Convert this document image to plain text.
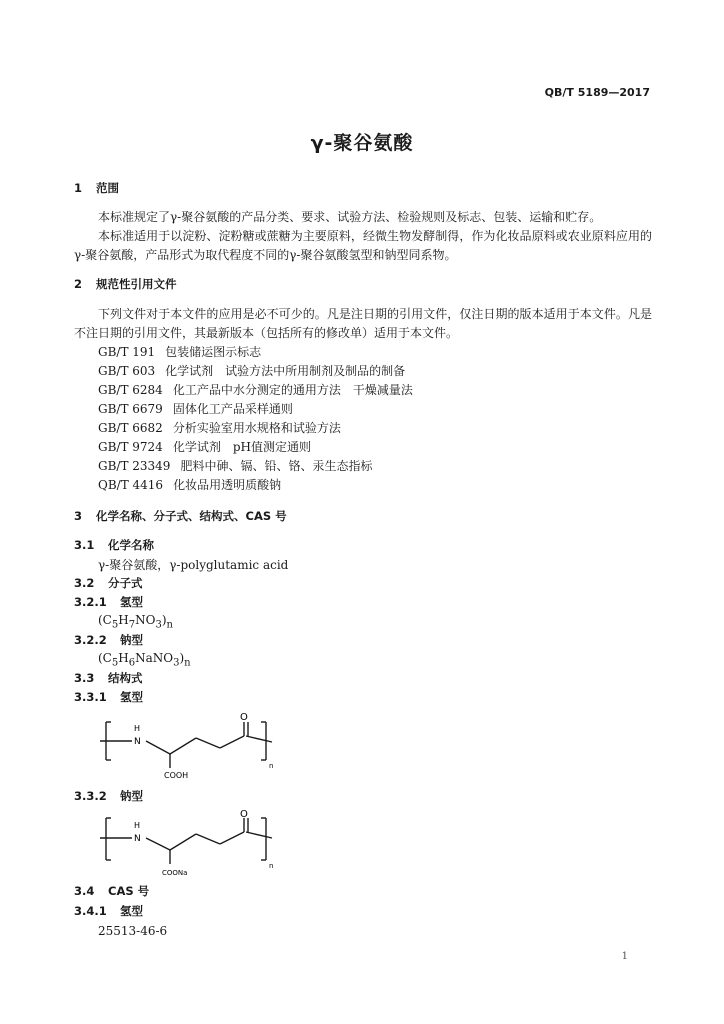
QB/T 5189—2017
γ-聚谷氨酸
1 范围
本标准规定了γ-聚谷氨酸的产品分类、要求、试验方法、检验规则及标志、包装、运输和贮存。
本标准适用于以淀粉、淀粉糖或蔗糖为主要原料，经微生物发酵制得，作为化妆品原料或农业原料应用的γ-聚谷氨酸，产品形式为取代程度不同的γ-聚谷氨酸氢型和钠型同系物。
2 规范性引用文件
下列文件对于本文件的应用是必不可少的。凡是注日期的引用文件，仅注日期的版本适用于本文件。凡是不注日期的引用文件，其最新版本（包括所有的修改单）适用于本文件。
GB/T 191 包装储运图示标志
GB/T 603 化学试剂　试验方法中所用制剂及制品的制备
GB/T 6284 化工产品中水分测定的通用方法　干燥减量法
GB/T 6679 固体化工产品采样通则
GB/T 6682 分析实验室用水规格和试验方法
GB/T 9724 化学试剂　pH值测定通则
GB/T 23349 肥料中砷、镉、铅、铬、汞生态指标
QB/T 4416 化妆品用透明质酸钠
3 化学名称、分子式、结构式、CAS 号
3.1 化学名称
γ-聚谷氨酸，γ-polyglutamic acid
3.2 分子式
3.2.1 氢型
$(C_5H_7NO_3)_n$
3.2.2 钠型
$(C_5H_6NaNO_3)_n$
3.3 结构式
3.3.1 氢型
H
N
O
COOH
n
3.3.2 钠型
H
N
O
COONa
n
3.4 CAS 号
3.4.1 氢型
25513-46-6
1
